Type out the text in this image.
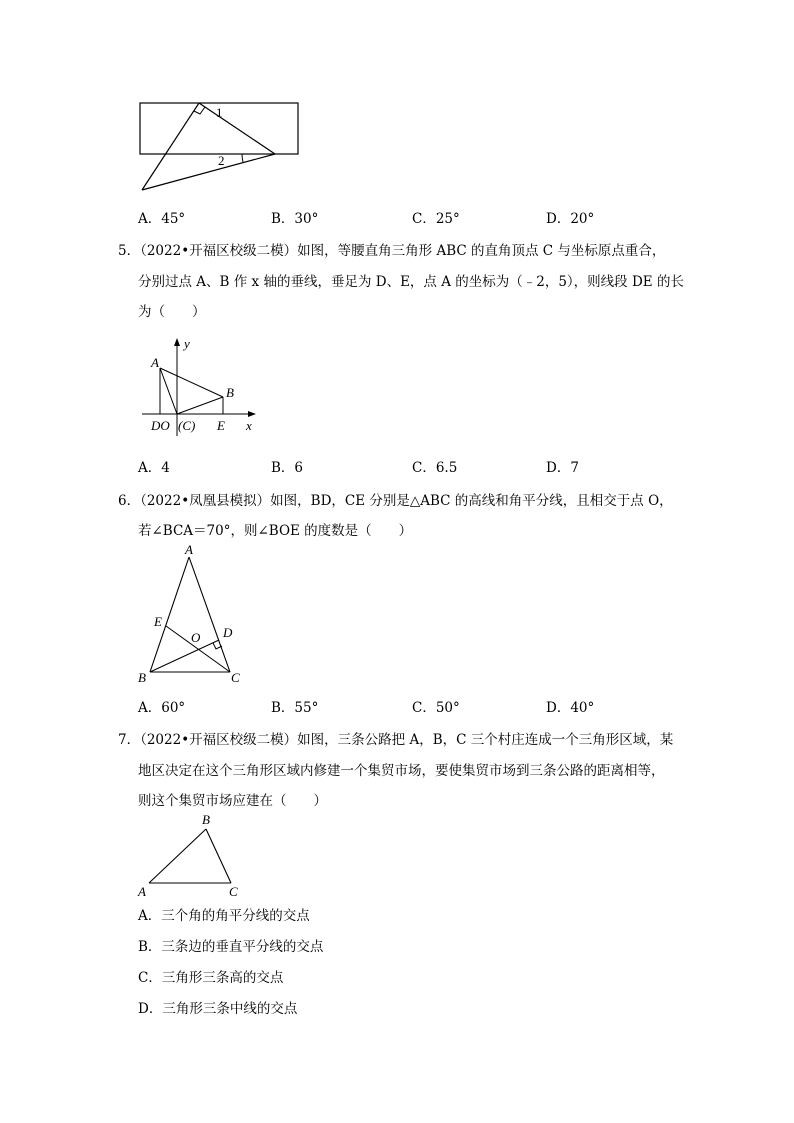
1
2
A．45°	B．30°	C．25°	D．20°
5．（2022•开福区校级二模）如图，等腰直角三角形 ABC 的直角顶点 C 与坐标原点重合，
分别过点 A、B 作 x 轴的垂线，垂足为 D、E，点 A 的坐标为（﹣2，5），则线段 DE 的长
为（　　）
A
B
y
x
DO (C) E
A．4	B．6	C．6.5	D．7
6．（2022•凤凰县模拟）如图，BD，CE 分别是△ABC 的高线和角平分线，且相交于点 O，
若∠BCA＝70°，则∠BOE 的度数是（　　）
A
E
O D
B	C
A．60°	B．55°	C．50°	D．40°
7．（2022•开福区校级二模）如图，三条公路把 A，B，C 三个村庄连成一个三角形区域，某
地区决定在这个三角形区域内修建一个集贸市场，要使集贸市场到三条公路的距离相等，
则这个集贸市场应建在（　　）
B
A	C
A．三个角的角平分线的交点
B．三条边的垂直平分线的交点
C．三角形三条高的交点
D．三角形三条中线的交点
